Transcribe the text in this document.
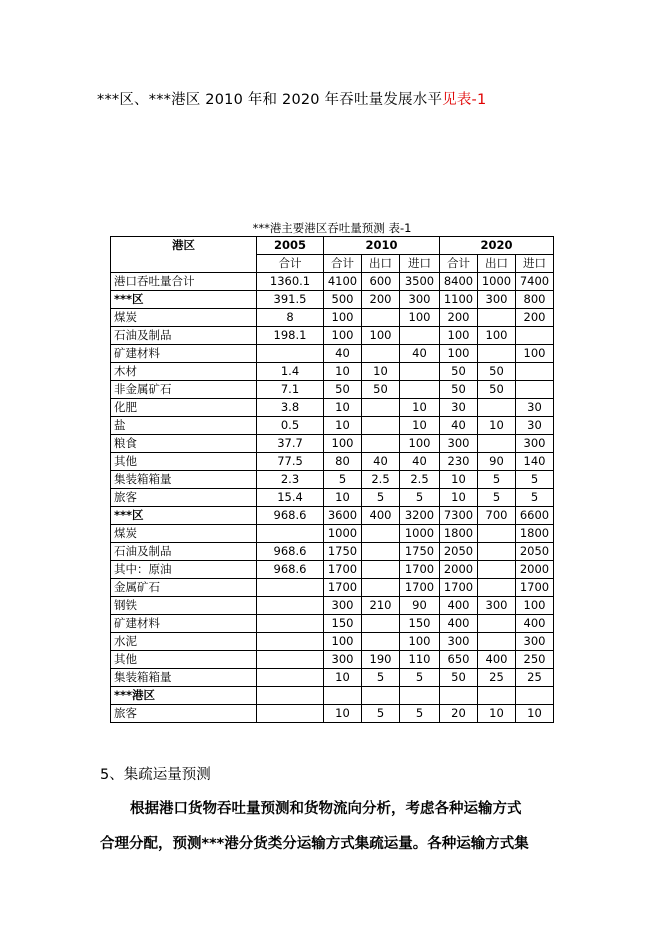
***区、***港区 2010 年和 2020 年吞吐量发展水平见表-1
***港主要港区吞吐量预测 表-1
港区	2005	2010			2020		
	合计	合计	出口	进口	合计	出口	进口
港口吞吐量合计	1360.1	4100	600	3500	8400	1000	7400
***区	391.5	500	200	300	1100	300	800
煤炭	8	100		100	200		200
石油及制品	198.1	100	100		100	100	
矿建材料		40		40	100		100
木材	1.4	10	10		50	50	
非金属矿石	7.1	50	50		50	50	
化肥	3.8	10		10	30		30
盐	0.5	10		10	40	10	30
粮食	37.7	100		100	300		300
其他	77.5	80	40	40	230	90	140
集装箱箱量	2.3	5	2.5	2.5	10	5	5
旅客	15.4	10	5	5	10	5	5
***区	968.6	3600	400	3200	7300	700	6600
煤炭		1000		1000	1800		1800
石油及制品	968.6	1750		1750	2050		2050
其中：原油	968.6	1700		1700	2000		2000
金属矿石		1700		1700	1700		1700
钢铁		300	210	90	400	300	100
矿建材料		150		150	400		400
水泥		100		100	300		300
其他		300	190	110	650	400	250
集装箱箱量		10	5	5	50	25	25
***港区							
旅客		10	5	5	20	10	10
5、集疏运量预测
根据港口货物吞吐量预测和货物流向分析，考虑各种运输方式
合理分配，预测***港分货类分运输方式集疏运量。各种运输方式集
